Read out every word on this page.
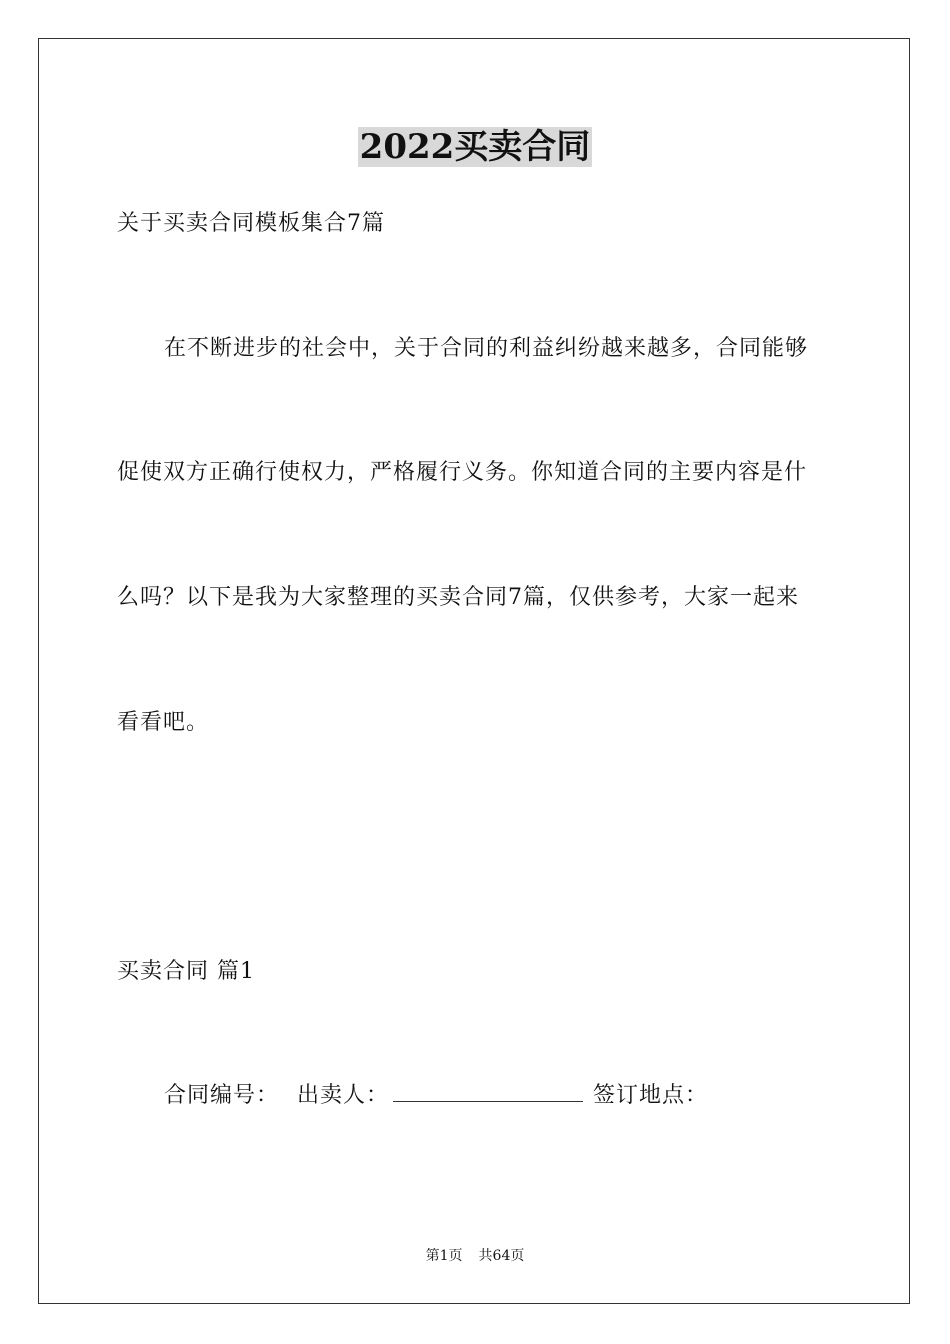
2022买卖合同

关于买卖合同模板集合7篇

在不断进步的社会中，关于合同的利益纠纷越来越多，合同能够

促使双方正确行使权力，严格履行义务。你知道合同的主要内容是什

么吗？以下是我为大家整理的买卖合同7篇，仅供参考，大家一起来

看看吧。

买卖合同 篇1

合同编号： 出卖人：	签订地点：

第1页 共64页
